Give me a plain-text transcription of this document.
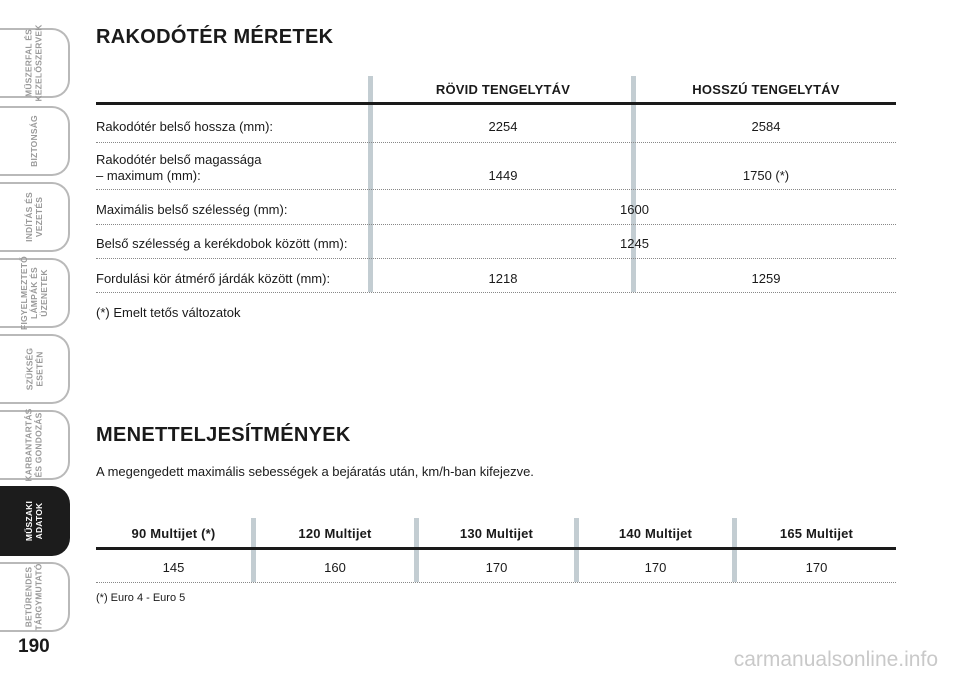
MŰSZERFAL ÉS
KEZELŐSZERVEK
BIZTONSÁG
INDÍTÁS ÉS
VEZETÉS
FIGYELMEZTETŐ
LÁMPÁK ÉS
ÜZENETEK
SZÜKSÉG
ESETÉN
KARBANTARTÁS
ÉS GONDOZÁS
MŰSZAKI
ADATOK
BETŰRENDES
TÁRGYMUTATÓ
190
RAKODÓTÉR MÉRETEK
RÖVID TENGELYTÁV	HOSSZÚ TENGELYTÁV
Rakodótér belső hossza (mm):	2254	2584
Rakodótér belső magassága
– maximum (mm):	1449	1750 (*)
Maximális belső szélesség (mm):	1600
Belső szélesség a kerékdobok között (mm):	1245
Fordulási kör átmérő járdák között (mm):	1218	1259
(*) Emelt tetős változatok
MENETTELJESÍTMÉNYEK
A megengedett maximális sebességek a bejáratás után, km/h-ban kifejezve.
90 Multijet (*)	120 Multijet	130 Multijet	140 Multijet	165 Multijet
145	160	170	170	170
(*) Euro 4 - Euro 5
carmanualsonline.info
